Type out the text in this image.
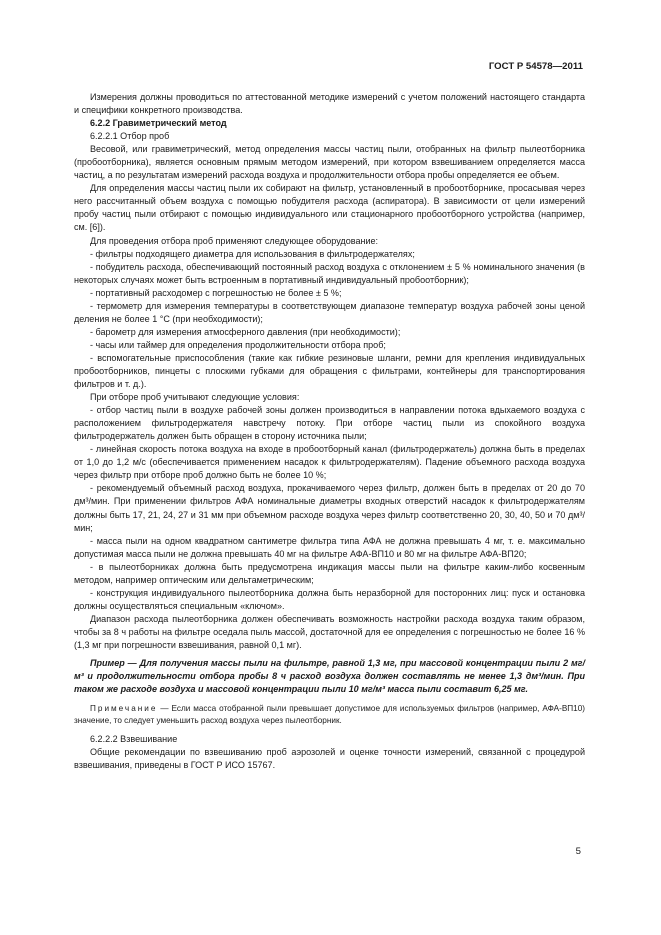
ГОСТ Р 54578—2011

Измерения должны проводиться по аттестованной методике измерений с учетом положений настоящего стандарта и специфики конкретного производства.

6.2.2 Гравиметрический метод

6.2.2.1 Отбор проб

Весовой, или гравиметрический, метод определения массы частиц пыли, отобранных на фильтр пылеотборника (пробоотборника), является основным прямым методом измерений, при котором взвешиванием определяется масса частиц, а по результатам измерений расхода воздуха и продолжительности отбора пробы определяется ее объем.

Для определения массы частиц пыли их собирают на фильтр, установленный в пробоотборнике, просасывая через него рассчитанный объем воздуха с помощью побудителя расхода (аспиратора). В зависимости от цели измерений пробу частиц пыли отбирают с помощью индивидуального или стационарного пробоотборного устройства (например, см. [6]).

Для проведения отбора проб применяют следующее оборудование:

- фильтры подходящего диаметра для использования в фильтродержателях;

- побудитель расхода, обеспечивающий постоянный расход воздуха с отклонением ± 5 % номинального значения (в некоторых случаях может быть встроенным в портативный индивидуальный пробоотборник);

- портативный расходомер с погрешностью не более ± 5 %;

- термометр для измерения температуры в соответствующем диапазоне температур воздуха рабочей зоны ценой деления не более 1 °С (при необходимости);

- барометр для измерения атмосферного давления (при необходимости);

- часы или таймер для определения продолжительности отбора проб;

- вспомогательные приспособления (такие как гибкие резиновые шланги, ремни для крепления индивидуальных пробоотборников, пинцеты с плоскими губками для обращения с фильтрами, контейнеры для транспортирования фильтров и т. д.).

При отборе проб учитывают следующие условия:

- отбор частиц пыли в воздухе рабочей зоны должен производиться в направлении потока вдыхаемого воздуха с расположением фильтродержателя навстречу потоку. При отборе частиц пыли из спокойного воздуха фильтродержатель должен быть обращен в сторону источника пыли;

- линейная скорость потока воздуха на входе в пробоотборный канал (фильтродержатель) должна быть в пределах от 1,0 до 1,2 м/с (обеспечивается применением насадок к фильтродержателям). Падение объемного расхода воздуха через фильтр при отборе проб должно быть не более 10 %;

- рекомендуемый объемный расход воздуха, прокачиваемого через фильтр, должен быть в пределах от 20 до 70 дм³/мин. При применении фильтров АФА номинальные диаметры входных отверстий насадок к фильтродержателям должны быть 17, 21, 24, 27 и 31 мм при объемном расходе воздуха через фильтр соответственно 20, 30, 40, 50 и 70 дм³/мин;

- масса пыли на одном квадратном сантиметре фильтра типа АФА не должна превышать 4 мг, т. е. максимально допустимая масса пыли не должна превышать 40 мг на фильтре АФА-ВП10 и 80 мг на фильтре АФА-ВП20;

- в пылеотборниках должна быть предусмотрена индикация массы пыли на фильтре каким-либо косвенным методом, например оптическим или дельтаметрическим;

- конструкция индивидуального пылеотборника должна быть неразборной для посторонних лиц: пуск и остановка должны осуществляться специальным «ключом».

Диапазон расхода пылеотборника должен обеспечивать возможность настройки расхода воздуха таким образом, чтобы за 8 ч работы на фильтре оседала пыль массой, достаточной для ее определения с погрешностью не более 16 % (1,3 мг при погрешности взвешивания, равной 0,1 мг).

Пример — Для получения массы пыли на фильтре, равной 1,3 мг, при массовой концентрации пыли 2 мг/м³ и продолжительности отбора пробы 8 ч расход воздуха должен составлять не менее 1,3 дм³/мин. При таком же расходе воздуха и массовой концентрации пыли 10 мг/м³ масса пыли составит 6,25 мг.

Примечание — Если масса отобранной пыли превышает допустимое для используемых фильтров (например, АФА-ВП10) значение, то следует уменьшить расход воздуха через пылеотборник.

6.2.2.2 Взвешивание

Общие рекомендации по взвешиванию проб аэрозолей и оценке точности измерений, связанной с процедурой взвешивания, приведены в ГОСТ Р ИСО 15767.

5
